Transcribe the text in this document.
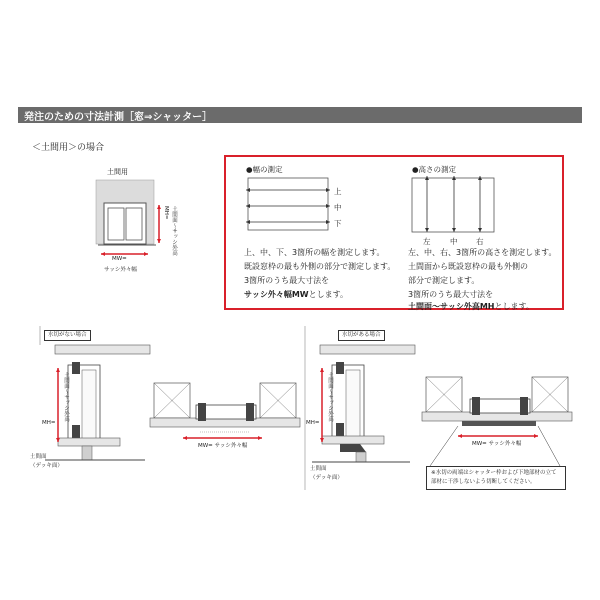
発注のための寸法計測［窓⇒シャッター］
＜土間用＞の場合
土間用
MW=
サッシ外々幅
MH= 土間面〜サッシ外高
●幅の測定
上
中
下
上、中、下、3箇所の幅を測定します。
既設窓枠の最も外側の部分で測定します。
3箇所のうち最大寸法を
サッシ外々幅MWとします。
●高さの測定
左	中 右
左、中、右、3箇所の高さを測定します。
土間面から既設窓枠の最も外側の
部分で測定します。
3箇所のうち最大寸法を
土間面〜サッシ外高MHとします。
水切がない場合
MH=
土間面〜サッシ外高
土間面
（デッキ面）
MW= サッシ外々幅
水切がある場合
MH=
土間面〜サッシ外高
土間面
（デッキ面）
MW= サッシ外々幅
※水切の両端はシャッター枠および下地部材の立て部材に干渉しないよう切断してください。
